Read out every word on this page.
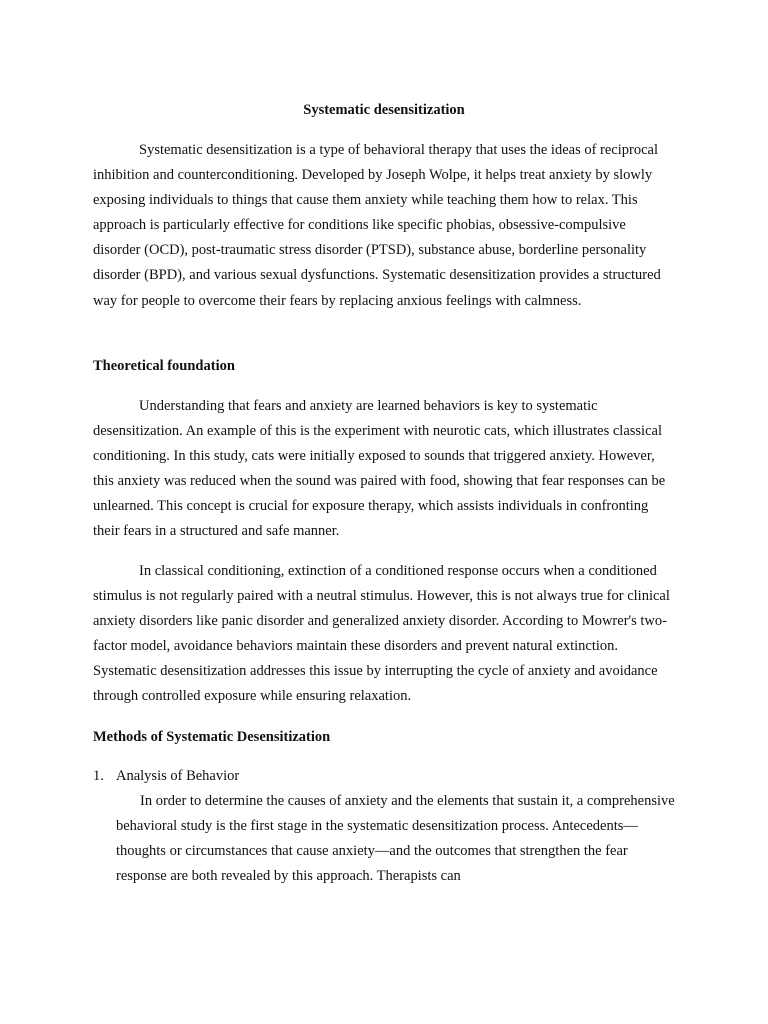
Systematic desensitization

Systematic desensitization is a type of behavioral therapy that uses the ideas of reciprocal inhibition and counterconditioning. Developed by Joseph Wolpe, it helps treat anxiety by slowly exposing individuals to things that cause them anxiety while teaching them how to relax. This approach is particularly effective for conditions like specific phobias, obsessive-compulsive disorder (OCD), post-traumatic stress disorder (PTSD), substance abuse, borderline personality disorder (BPD), and various sexual dysfunctions. Systematic desensitization provides a structured way for people to overcome their fears by replacing anxious feelings with calmness.

Theoretical foundation

Understanding that fears and anxiety are learned behaviors is key to systematic desensitization. An example of this is the experiment with neurotic cats, which illustrates classical conditioning. In this study, cats were initially exposed to sounds that triggered anxiety. However, this anxiety was reduced when the sound was paired with food, showing that fear responses can be unlearned. This concept is crucial for exposure therapy, which assists individuals in confronting their fears in a structured and safe manner.

In classical conditioning, extinction of a conditioned response occurs when a conditioned stimulus is not regularly paired with a neutral stimulus. However, this is not always true for clinical anxiety disorders like panic disorder and generalized anxiety disorder. According to Mowrer's two-factor model, avoidance behaviors maintain these disorders and prevent natural extinction. Systematic desensitization addresses this issue by interrupting the cycle of anxiety and avoidance through controlled exposure while ensuring relaxation.

Methods of Systematic Desensitization

1. Analysis of Behavior

In order to determine the causes of anxiety and the elements that sustain it, a comprehensive behavioral study is the first stage in the systematic desensitization process. Antecedents—thoughts or circumstances that cause anxiety—and the outcomes that strengthen the fear response are both revealed by this approach. Therapists can
